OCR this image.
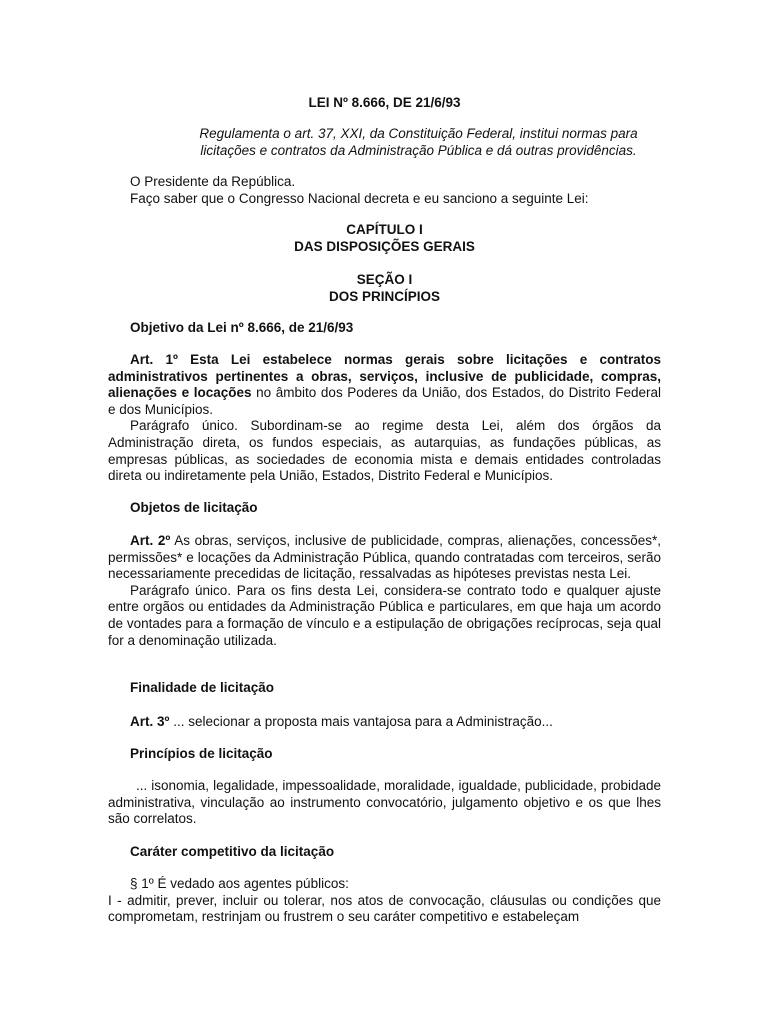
LEI Nº 8.666, DE 21/6/93

Regulamenta o art. 37, XXI, da Constituição Federal, institui normas para licitações e contratos da Administração Pública e dá outras providências.

O Presidente da República.

Faço saber que o Congresso Nacional decreta e eu sanciono a seguinte Lei:

CAPÍTULO I

DAS DISPOSIÇÕES GERAIS

SEÇÃO I

DOS PRINCÍPIOS

Objetivo da Lei nº 8.666, de 21/6/93

Art. 1º Esta Lei estabelece normas gerais sobre licitações e contratos administrativos pertinentes a obras, serviços, inclusive de publicidade, compras, alienações e locações no âmbito dos Poderes da União, dos Estados, do Distrito Federal e dos Municípios.

Parágrafo único. Subordinam-se ao regime desta Lei, além dos órgãos da Administração direta, os fundos especiais, as autarquias, as fundações públicas, as empresas públicas, as sociedades de economia mista e demais entidades controladas direta ou indiretamente pela União, Estados, Distrito Federal e Municípios.

Objetos de licitação

Art. 2º As obras, serviços, inclusive de publicidade, compras, alienações, concessões*, permissões* e locações da Administração Pública, quando contratadas com terceiros, serão necessariamente precedidas de licitação, ressalvadas as hipóteses previstas nesta Lei.

Parágrafo único. Para os fins desta Lei, considera-se contrato todo e qualquer ajuste entre orgãos ou entidades da Administração Pública e particulares, em que haja um acordo de vontades para a formação de vínculo e a estipulação de obrigações recíprocas, seja qual for a denominação utilizada.

Finalidade de licitação

Art. 3º ... selecionar a proposta mais vantajosa para a Administração...

Princípios de licitação

... isonomia, legalidade, impessoalidade, moralidade, igualdade, publicidade, probidade administrativa, vinculação ao instrumento convocatório, julgamento objetivo e os que lhes são correlatos.

Caráter competitivo da licitação

§ 1º É vedado aos agentes públicos:

I - admitir, prever, incluir ou tolerar, nos atos de convocação, cláusulas ou condições que comprometam, restrinjam ou frustrem o seu caráter competitivo e estabeleçam
